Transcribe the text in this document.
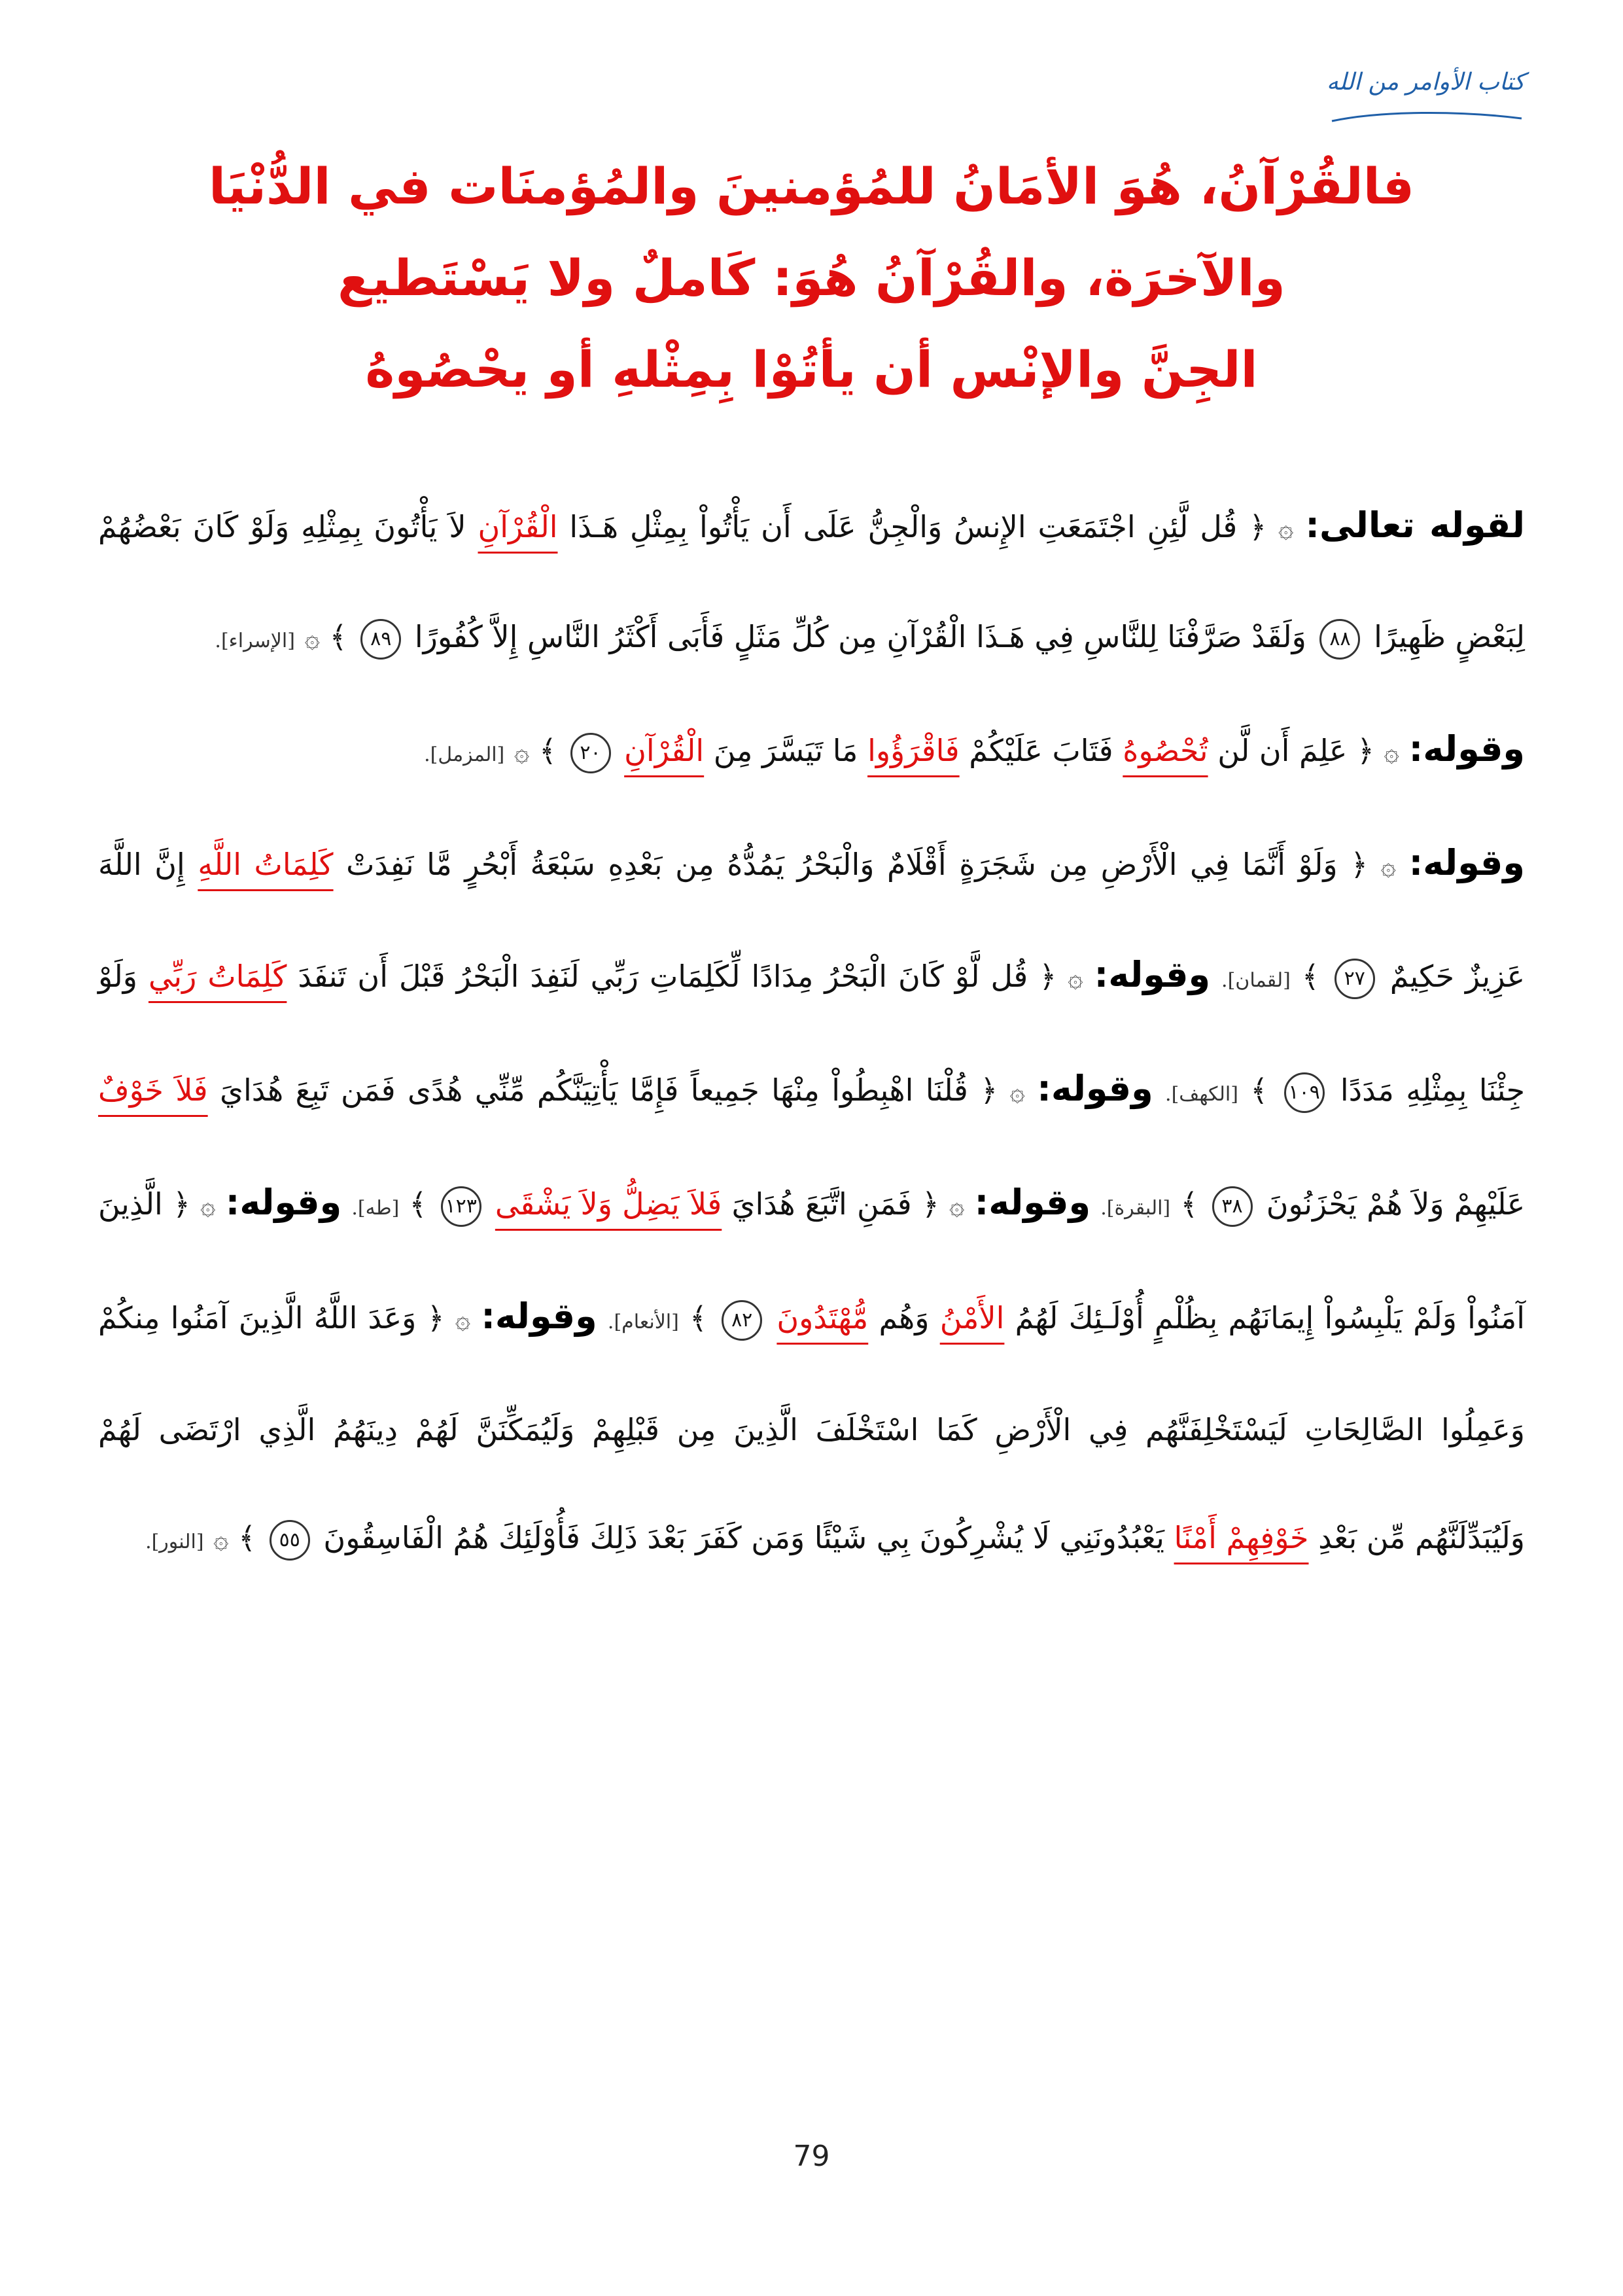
كتاب الأوامر من الله
فالقُرْآنُ، هُوَ الأمَانُ للمُؤمنينَ والمُؤمنَات في الدُّنْيَا
والآخرَة، والقُرْآنُ هُوَ: كَاملٌ ولا يَسْتَطيع
الجِنَّ والإنْس أن يأتُوْا بِمِثْلهِ أو يحْصُوهُ
لقوله تعالى: ۞ ﴿ قُل لَّئِنِ اجْتَمَعَتِ الإِنسُ وَالْجِنُّ عَلَى أَن يَأْتُواْ بِمِثْلِ هَـذَا الْقُرْآنِ لاَ يَأْتُونَ بِمِثْلِهِ وَلَوْ كَانَ بَعْضُهُمْ لِبَعْضٍ ظَهِيرًا ٨٨ وَلَقَدْ صَرَّفْنَا لِلنَّاسِ فِي هَـذَا الْقُرْآنِ مِن كُلِّ مَثَلٍ فَأَبَى أَكْثَرُ النَّاسِ إِلاَّ كُفُورًا ٨٩ ﴾ ۞ [الإسراء].
وقوله: ۞ ﴿ عَلِمَ أَن لَّن تُحْصُوهُ فَتَابَ عَلَيْكُمْ فَاقْرَؤُوا مَا تَيَسَّرَ مِنَ الْقُرْآنِ ٢٠ ﴾ ۞ [المزمل].
وقوله: ۞ ﴿ وَلَوْ أَنَّمَا فِي الْأَرْضِ مِن شَجَرَةٍ أَقْلَامٌ وَالْبَحْرُ يَمُدُّهُ مِن بَعْدِهِ سَبْعَةُ أَبْحُرٍ مَّا نَفِدَتْ كَلِمَاتُ اللَّهِ إِنَّ اللَّهَ عَزِيزٌ حَكِيمٌ ٢٧ ﴾ [لقمان]. وقوله: ۞ ﴿ قُل لَّوْ كَانَ الْبَحْرُ مِدَادًا لِّكَلِمَاتِ رَبِّي لَنَفِدَ الْبَحْرُ قَبْلَ أَن تَنفَدَ كَلِمَاتُ رَبِّي وَلَوْ جِئْنَا بِمِثْلِهِ مَدَدًا ١٠٩ ﴾ [الكهف]. وقوله: ۞ ﴿ قُلْنَا اهْبِطُواْ مِنْهَا جَمِيعاً فَإِمَّا يَأْتِيَنَّكُم مِّنِّي هُدًى فَمَن تَبِعَ هُدَايَ فَلاَ خَوْفٌ عَلَيْهِمْ وَلاَ هُمْ يَحْزَنُونَ ٣٨ ﴾ [البقرة]. وقوله: ۞ ﴿ فَمَنِ اتَّبَعَ هُدَايَ فَلاَ يَضِلُّ وَلاَ يَشْقَى ١٢٣ ﴾ [طه]. وقوله: ۞ ﴿ الَّذِينَ آمَنُواْ وَلَمْ يَلْبِسُواْ إِيمَانَهُم بِظُلْمٍ أُوْلَـئِكَ لَهُمُ الأَمْنُ وَهُم مُّهْتَدُونَ ٨٢ ﴾ [الأنعام]. وقوله: ۞ ﴿ وَعَدَ اللَّهُ الَّذِينَ آمَنُوا مِنكُمْ وَعَمِلُوا الصَّالِحَاتِ لَيَسْتَخْلِفَنَّهُم فِي الْأَرْضِ كَمَا اسْتَخْلَفَ الَّذِينَ مِن قَبْلِهِمْ وَلَيُمَكِّنَنَّ لَهُمْ دِينَهُمُ الَّذِي ارْتَضَى لَهُمْ وَلَيُبَدِّلَنَّهُم مِّن بَعْدِ خَوْفِهِمْ أَمْنًا يَعْبُدُونَنِي لَا يُشْرِكُونَ بِي شَيْئًا وَمَن كَفَرَ بَعْدَ ذَلِكَ فَأُوْلَئِكَ هُمُ الْفَاسِقُونَ ٥٥ ﴾ ۞ [النور].
79
